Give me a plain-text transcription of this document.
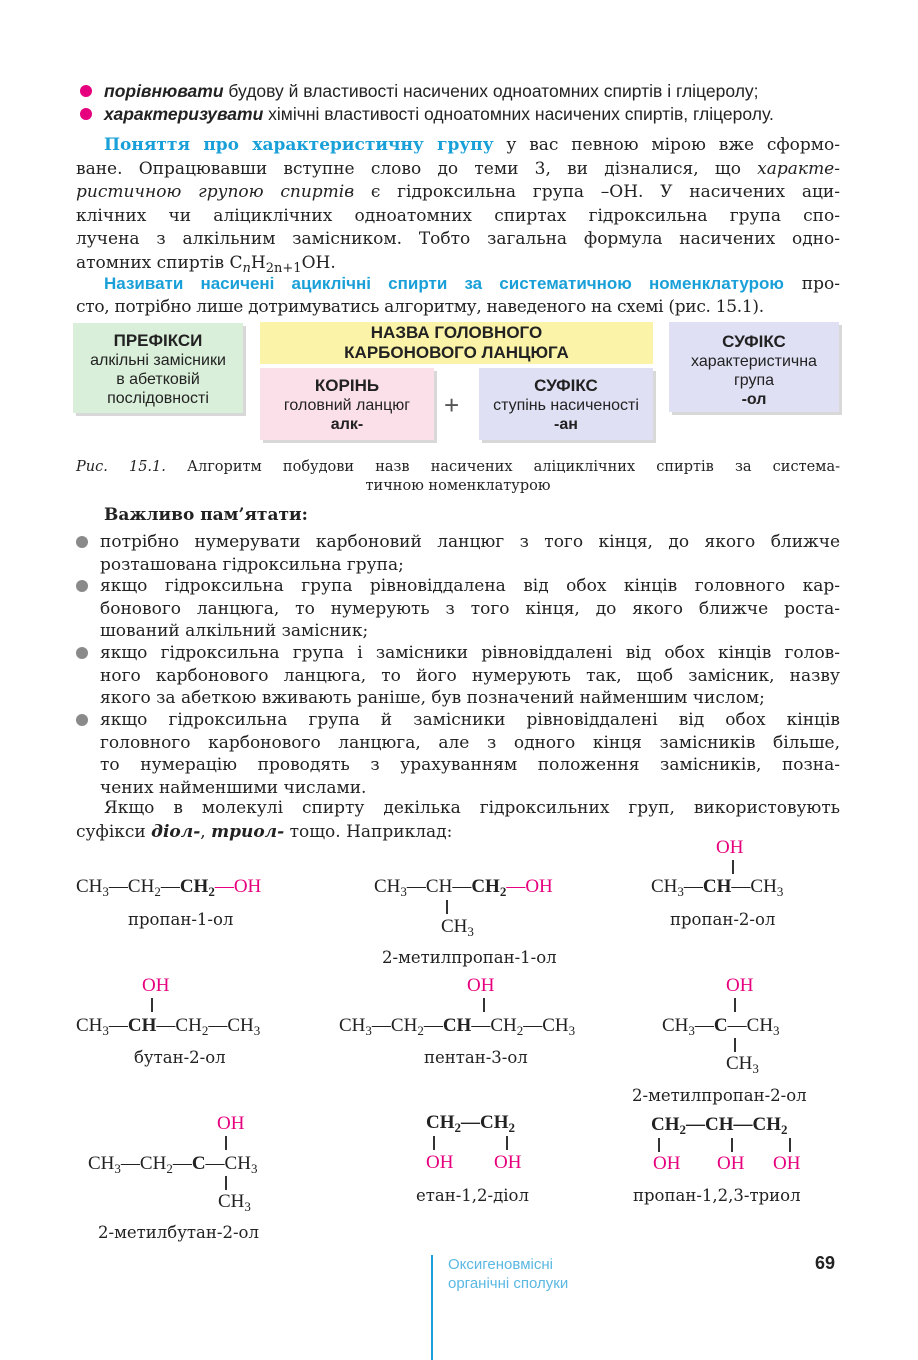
порівнювати будову й властивості насичених одноатомних спиртів і гліцеролу;
характеризувати хімічні властивості одноатомних насичених спиртів, гліцеролу.
Поняття про характеристичну групу у вас певною мірою вже сформо-
ване. Опрацювавши вступне слово до теми 3, ви дізналися, що характе-
ристичною групою спиртів є гідроксильна група –OH. У насичених аци-
клічних чи аліциклічних одноатомних спиртах гідроксильна група спо-
лучена з алкільним замісником. Тобто загальна формула насичених одно-
атомних спиртів $C_nH_{2n+1}OH$.
Називати насичені ациклічні спирти за систематичною номенклатурою про-
сто, потрібно лише дотримуватись алгоритму, наведеного на схемі (рис. 15.1).
ПРЕФІКСИ
алкільні замісники
в абетковій
послідовності
НАЗВА ГОЛОВНОГО
КАРБОНОВОГО ЛАНЦЮГА
КОРІНЬ
головний ланцюг
алк-
+
СУФІКС
ступінь насиченості
-ан
СУФІКС
характеристична
група
-ол
Рис. 15.1. Алгоритм побудови назв насичених аліциклічних спиртів за система-
тичною номенклатурою
Важливо пам’ятати:
потрібно нумерувати карбоновий ланцюг з того кінця, до якого ближче
розташована гідроксильна група;
якщо гідроксильна група рівновіддалена від обох кінців головного кар-
бонового ланцюга, то нумерують з того кінця, до якого ближче роста-
шований алкільний замісник;
якщо гідроксильна група і замісники рівновіддалені від обох кінців голов-
ного карбонового ланцюга, то його нумерують так, щоб замісник, назву
якого за абеткою вживають раніше, був позначений найменшим числом;
якщо гідроксильна група й замісники рівновіддалені від обох кінців
головного карбонового ланцюга, але з одного кінця замісників більше,
то нумерацію проводять з урахуванням положення замісників, позна-
чених найменшими числами.
Якщо в молекулі спирту декілька гідроксильних груп, використовують
суфікси діол-, триол- тощо. Наприклад:
$CH_3—CH_2—CH_2—OH$
пропан-1-ол
$CH_3—CH—CH_2—OH$
$CH_3$
2-метилпропан-1-ол
OH
$CH_3—CH—CH_3$
пропан-2-ол
OH
$CH_3—CH—CH_2—CH_3$
бутан-2-ол
OH
$CH_3—CH_2—CH—CH_2—CH_3$
пентан-3-ол
OH
$CH_3—C—CH_3$
$CH_3$
2-метилпропан-2-ол
OH
$CH_3—CH_2—C—CH_3$
$CH_3$
2-метилбутан-2-ол
$CH_2—CH_2$
OH OH
етан-1,2-діол
$CH_2—CH—CH_2$
OH OH OH
пропан-1,2,3-триол
Оксигеновмісні
органічні сполуки
69
